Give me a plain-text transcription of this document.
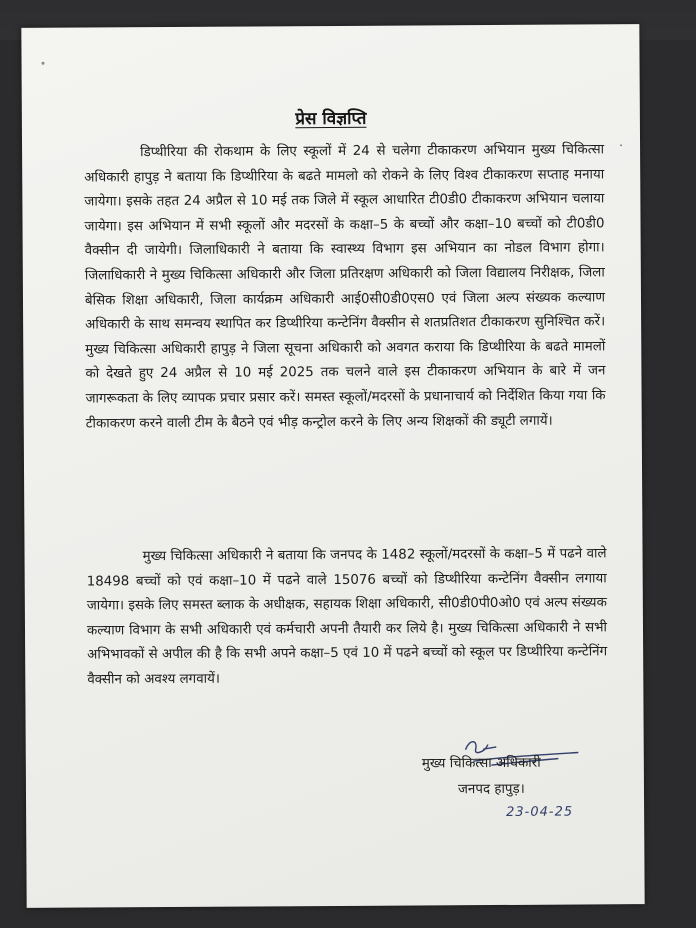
प्रेस विज्ञप्ति

डिप्थीरिया की रोकथाम के लिए स्कूलों में 24 से चलेगा टीकाकरण अभियान मुख्य चिकित्सा अधिकारी हापुड़ ने बताया कि डिप्थीरिया के बढते मामलो को रोकने के लिए विश्व टीकाकरण सप्ताह मनाया जायेगा। इसके तहत 24 अप्रैल से 10 मई तक जिले में स्कूल आधारित टी0डी0 टीकाकरण अभियान चलाया जायेगा। इस अभियान में सभी स्कूलों और मदरसों के कक्षा–5 के बच्चों और कक्षा–10 बच्चों को टी0डी0 वैक्सीन दी जायेगी। जिलाधिकारी ने बताया कि स्वास्थ्य विभाग इस अभियान का नोडल विभाग होगा। जिलाधिकारी ने मुख्य चिकित्सा अधिकारी और जिला प्रतिरक्षण अधिकारी को जिला विद्यालय निरीक्षक, जिला बेसिक शिक्षा अधिकारी, जिला कार्यक्रम अधिकारी आई0सी0डी0एस0 एवं जिला अल्प संख्यक कल्याण अधिकारी के साथ समन्वय स्थापित कर डिप्थीरिया कन्टेनिंग वैक्सीन से शतप्रतिशत टीकाकरण सुनिश्चित करें। मुख्य चिकित्सा अधिकारी हापुड़ ने जिला सूचना अधिकारी को अवगत कराया कि डिप्थीरिया के बढते मामलों को देखते हुए 24 अप्रैल से 10 मई 2025 तक चलने वाले इस टीकाकरण अभियान के बारे में जन जागरूकता के लिए व्यापक प्रचार प्रसार करें। समस्त स्कूलों/मदरसों के प्रधानाचार्य को निर्देशित किया गया कि टीकाकरण करने वाली टीम के बैठने एवं भीड़ कन्ट्रोल करने के लिए अन्य शिक्षकों की ड्यूटी लगायें।

मुख्य चिकित्सा अधिकारी ने बताया कि जनपद के 1482 स्कूलों/मदरसों के कक्षा–5 में पढने वाले 18498 बच्चों को एवं कक्षा–10 में पढने वाले 15076 बच्चों को डिप्थीरिया कन्टेनिंग वैक्सीन लगाया जायेगा। इसके लिए समस्त ब्लाक के अधीक्षक, सहायक शिक्षा अधिकारी, सी0डी0पी0ओ0 एवं अल्प संख्यक कल्याण विभाग के सभी अधिकारी एवं कर्मचारी अपनी तैयारी कर लिये है। मुख्य चिकित्सा अधिकारी ने सभी अभिभावकों से अपील की है कि सभी अपने कक्षा–5 एवं 10 में पढने बच्चों को स्कूल पर डिप्थीरिया कन्टेनिंग वैक्सीन को अवश्य लगवायें।

मुख्य चिकित्सा अधिकारी
जनपद हापुड़।
23-04-25
